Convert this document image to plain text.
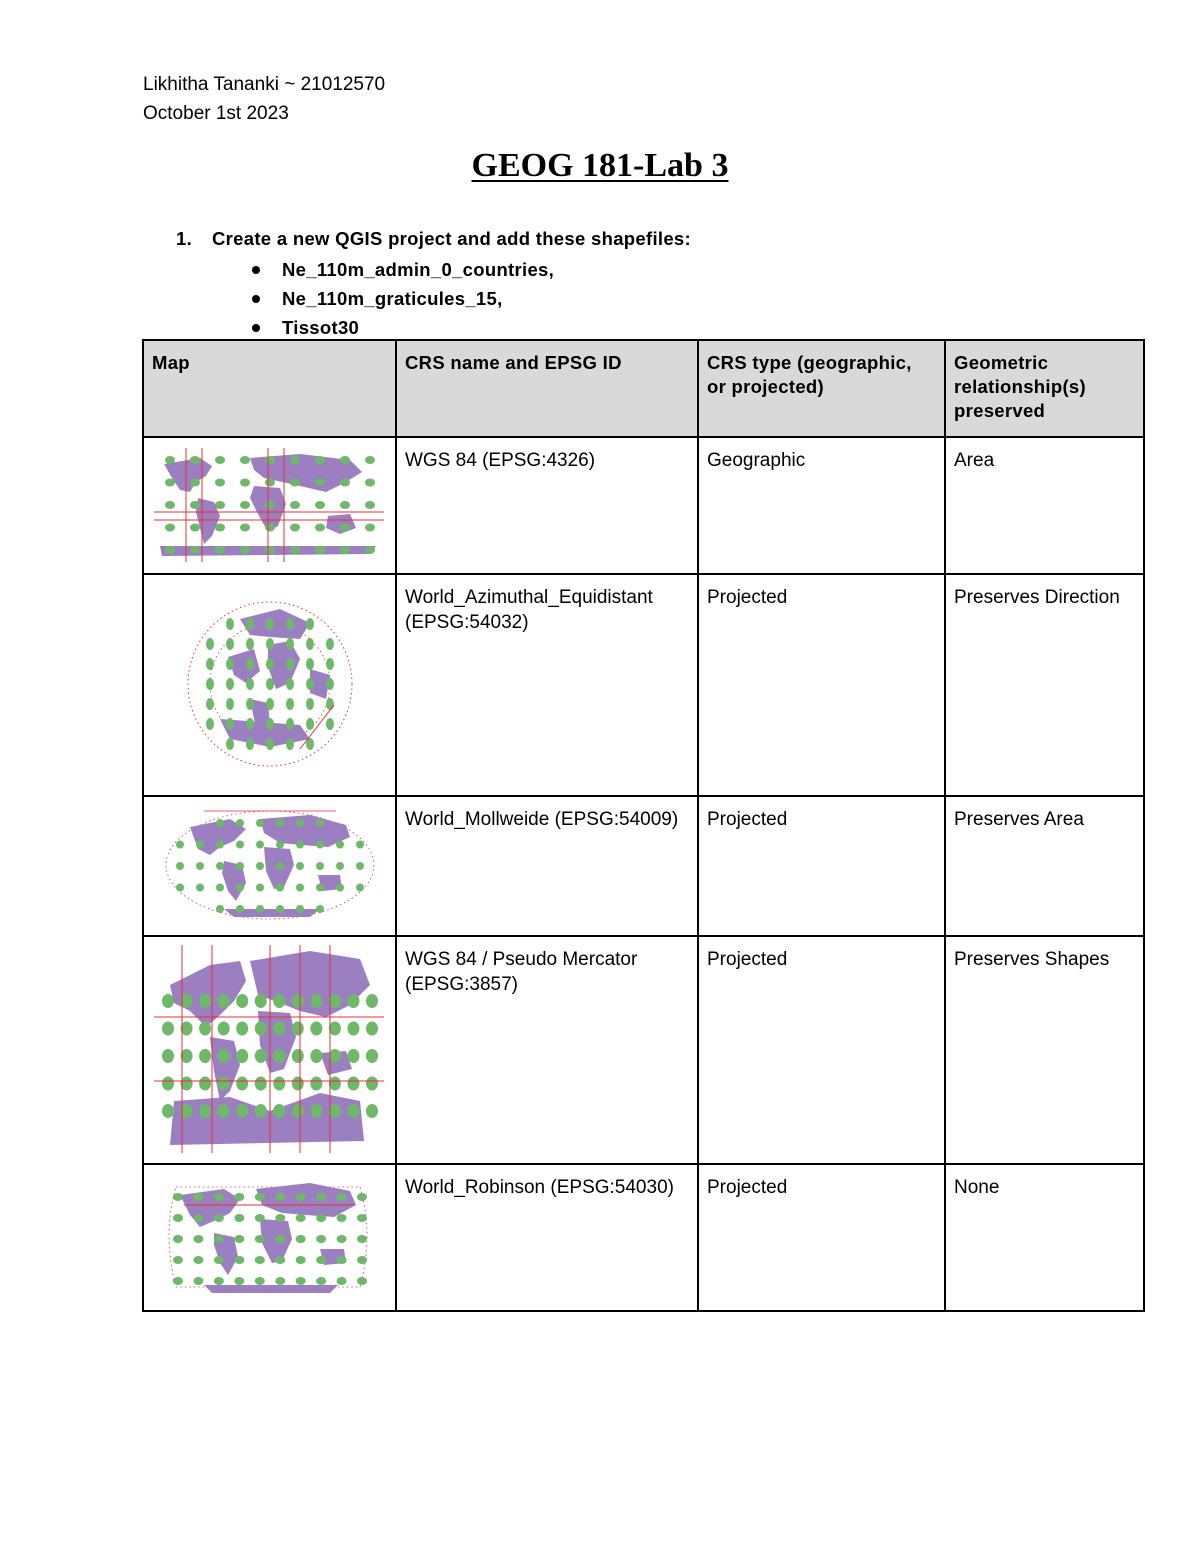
Likhitha Tananki ~ 21012570
October 1st 2023
GEOG 181-Lab 3
1. Create a new QGIS project and add these shapefiles:
Ne_110m_admin_0_countries,
Ne_110m_graticules_15,
Tissot30
Map	CRS name and EPSG ID	CRS type (geographic, or projected)	Geometric relationship(s) preserved

	WGS 84 (EPSG:4326)	Geographic	Area

	World_Azimuthal_Equidistant (EPSG:54032)	Projected	Preserves Direction

	World_Mollweide (EPSG:54009)	Projected	Preserves Area

	WGS 84 / Pseudo Mercator (EPSG:3857)	Projected	Preserves Shapes

	World_Robinson (EPSG:54030)	Projected	None
